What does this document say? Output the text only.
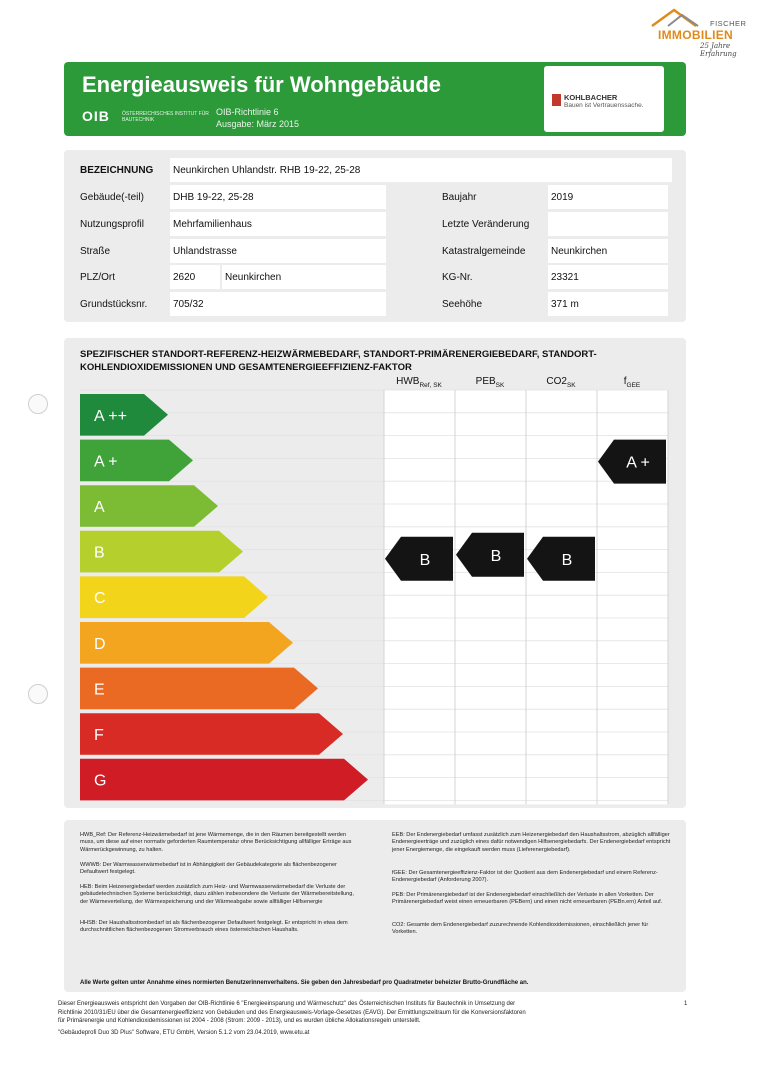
FISCHER
IMMOBILIEN
25 Jahre Erfahrung
Energieausweis für Wohngebäude
OIB ÖSTERREICHISCHES INSTITUT FÜR BAUTECHNIK
OIB-Richtlinie 6
Ausgabe: März 2015
KOHLBACHER
Bauen ist Vertrauenssache.
BEZEICHNUNG	Neunkirchen Uhlandstr. RHB 19-22, 25-28
Gebäude(-teil)	DHB 19-22, 25-28
Nutzungsprofil	Mehrfamilienhaus
Straße	Uhlandstrasse
PLZ/Ort	2620	Neunkirchen
Grundstücksnr.	705/32
Baujahr	2019
Letzte Veränderung
Katastralgemeinde	Neunkirchen
KG-Nr.	23321
Seehöhe	371 m
SPEZIFISCHER STANDORT-REFERENZ-HEIZWÄRMEBEDARF, STANDORT-PRIMÄRENERGIEBEDARF, STANDORT-KOHLENDIOXIDEMISSIONEN UND GESAMTENERGIEEFFIZIENZ-FAKTOR
$HWB_{Ref, SK}$	$PEB_{SK}$	$CO2_{SK}$	$f_{GEE}$
A ++
A +
A
B
C
D
E
F
G
B	B	B
A +
HWB_Ref: Der Referenz-Heizwärmebedarf ist jene Wärmemenge, die in den Räumen bereitgestellt werden muss, um diese auf einer normativ geforderten Raumtemperatur ohne Berücksichtigung allfälliger Erträge aus Wärmerückgewinnung, zu halten.
WWWB: Der Warmwasserwärmebedarf ist in Abhängigkeit der Gebäudekategorie als flächenbezogener Defaultwert festgelegt.
HEB: Beim Heizenergiebedarf werden zusätzlich zum Heiz- und Warmwasserwärmebedarf die Verluste der gebäudetechnischen Systeme berücksichtigt, dazu zählen insbesondere die Verluste der Wärmebereitstellung, der Wärmeverteilung, der Wärmespeicherung und der Wärmeabgabe sowie allfälliger Hilfsenergie
HHSB: Der Haushaltsstrombedarf ist als flächenbezogener Defaultwert festgelegt. Er entspricht in etwa dem durchschnittlichen flächenbezogenen Stromverbrauch eines österreichischen Haushalts.
EEB: Der Endenergiebedarf umfasst zusätzlich zum Heizenergiebedarf den Haushaltsstrom, abzüglich allfälliger Endenergieerträge und zuzüglich eines dafür notwendigen Hilfsenergiebedarfs. Der Endenergiebedarf entspricht jener Energiemenge, die eingekauft werden muss (Lieferenergiebedarf).
fGEE: Der Gesamtenergieeffizienz-Faktor ist der Quotient aus dem Endenergiebedarf und einem Referenz-Endenergiebedarf (Anforderung 2007).
PEB: Der Primärenergiebedarf ist der Endenergiebedarf einschließlich der Verluste in allen Vorketten. Der Primärenergiebedarf weist einen erneuerbaren (PEBern) und einen nicht erneuerbaren (PEBn.ern) Anteil auf.
CO2: Gesamte dem Endenergiebedarf zuzurechnende Kohlendioxidemissionen, einschließlich jener für Vorketten.
Alle Werte gelten unter Annahme eines normierten Benutzerinnenverhaltens. Sie geben den Jahresbedarf pro Quadratmeter beheizter Brutto-Grundfläche an.
Dieser Energieausweis entspricht den Vorgaben der OIB-Richtlinie 6 "Energieeinsparung und Wärmeschutz" des Österreichischen Instituts für Bautechnik in Umsetzung der
Richtlinie 2010/31/EU über die Gesamtenergieeffizienz von Gebäuden und des Energieausweis-Vorlage-Gesetzes (EAVG). Der Ermittlungszeitraum für die Konversionsfaktoren
für Primärenergie und Kohlendioxidemissionen ist 2004 - 2008 (Strom: 2009 - 2013), und es wurden übliche Allokationsregeln unterstellt.
"Gebäudeprofi Duo 3D Plus" Software, ETU GmbH, Version 5.1.2 vom 23.04.2019, www.etu.at
1
